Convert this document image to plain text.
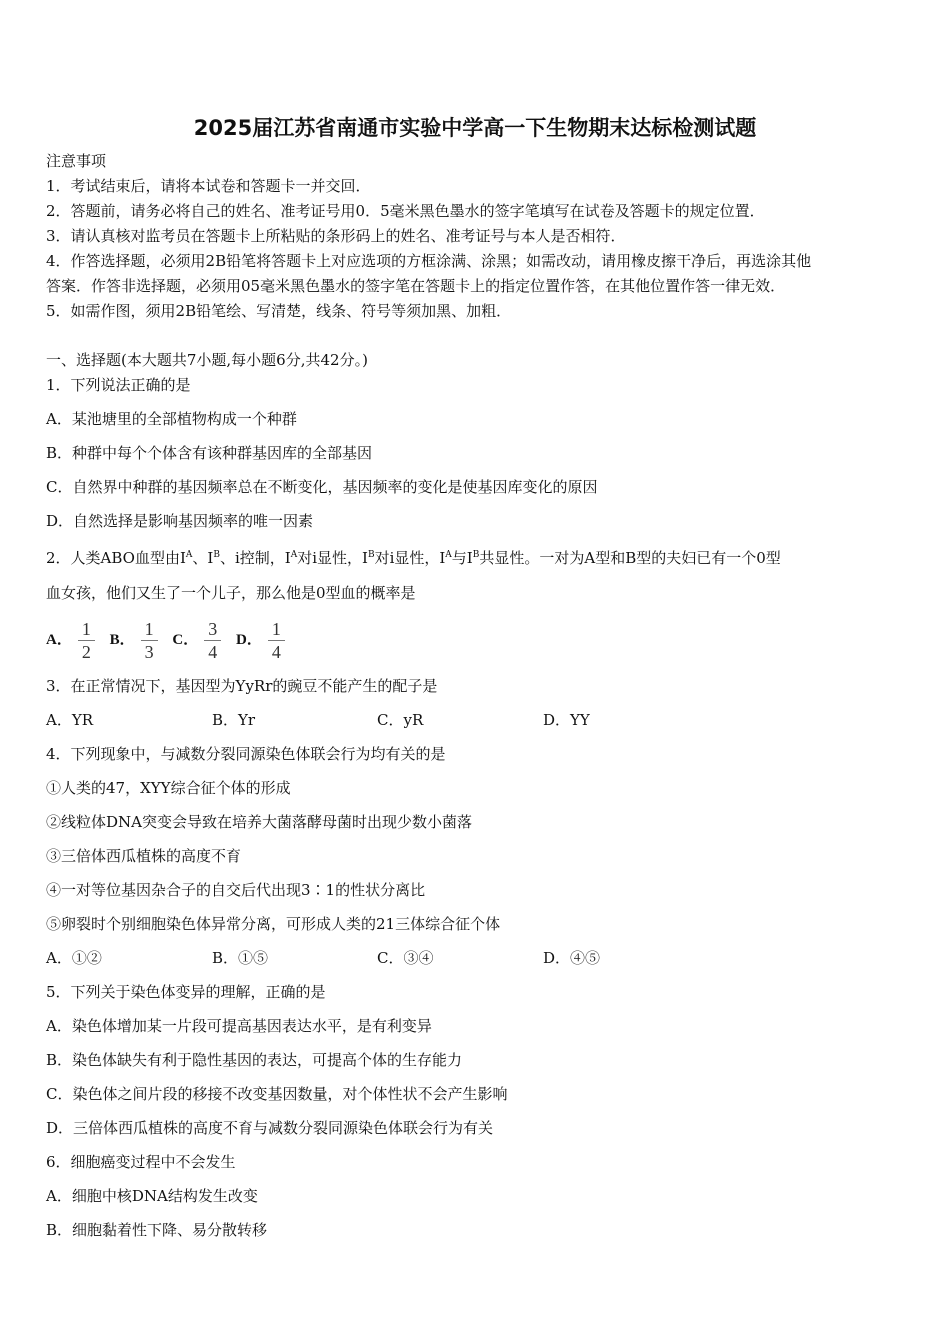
2025届江苏省南通市实验中学高一下生物期末达标检测试题
注意事项
1．考试结束后，请将本试卷和答题卡一并交回．
2．答题前，请务必将自己的姓名、准考证号用0．5毫米黑色墨水的签字笔填写在试卷及答题卡的规定位置．
3．请认真核对监考员在答题卡上所粘贴的条形码上的姓名、准考证号与本人是否相符．
4．作答选择题，必须用2B铅笔将答题卡上对应选项的方框涂满、涂黑；如需改动，请用橡皮擦干净后，再选涂其他
答案．作答非选择题，必须用05毫米黑色墨水的签字笔在答题卡上的指定位置作答，在其他位置作答一律无效．
5．如需作图，须用2B铅笔绘、写清楚，线条、符号等须加黑、加粗．
一、选择题(本大题共7小题,每小题6分,共42分。)
1．下列说法正确的是
A．某池塘里的全部植物构成一个种群
B．种群中每个个体含有该种群基因库的全部基因
C．自然界中种群的基因频率总在不断变化，基因频率的变化是使基因库变化的原因
D．自然选择是影响基因频率的唯一因素
2．人类ABO血型由$I^A$、$I^B$、i控制，$I^A$对i显性，$I^B$对i显性，$I^A$与$I^B$共显性。一对为A型和B型的夫妇已有一个0型
血女孩，他们又生了一个儿子，那么他是0型血的概率是
A． $\frac{1}{2}$ B． $\frac{1}{3}$ C． $\frac{3}{4}$ D． $\frac{1}{4}$
3．在正常情况下，基因型为YyRr的豌豆不能产生的配子是
A．YR	B．Yr	C．yR	D．YY
4．下列现象中，与减数分裂同源染色体联会行为均有关的是
①人类的47，XYY综合征个体的形成
②线粒体DNA突变会导致在培养大菌落酵母菌时出现少数小菌落
③三倍体西瓜植株的高度不育
④一对等位基因杂合子的自交后代出现3∶1的性状分离比
⑤卵裂时个别细胞染色体异常分离，可形成人类的21三体综合征个体
A．①②	B．①⑤	C．③④	D．④⑤
5．下列关于染色体变异的理解，正确的是
A．染色体增加某一片段可提高基因表达水平，是有利变异
B．染色体缺失有利于隐性基因的表达，可提高个体的生存能力
C．染色体之间片段的移接不改变基因数量，对个体性状不会产生影响
D．三倍体西瓜植株的高度不育与减数分裂同源染色体联会行为有关
6．细胞癌变过程中不会发生
A．细胞中核DNA结构发生改变
B．细胞黏着性下降、易分散转移
